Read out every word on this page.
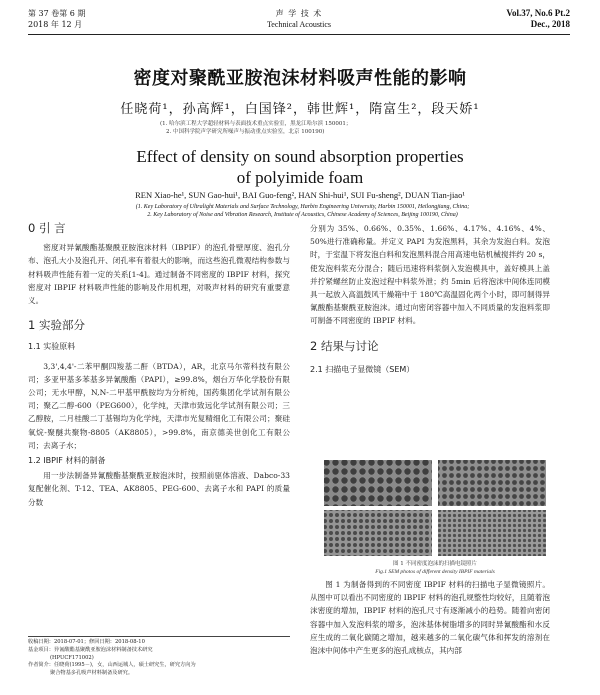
第 37 卷第 6 期
2018 年 12 月
声 学 技 术
Technical Acoustics
Vol.37, No.6 Pt.2
Dec., 2018
密度对聚酰亚胺泡沫材料吸声性能的影响
任晓荷¹，孙高辉¹，白国锋²，韩世辉¹，隋富生²，段天娇¹
(1. 哈尔滨工程大学超轻材料与表面技术重点实验室，黑龙江哈尔滨 150001；
2. 中国科学院声学研究所噪声与振动重点实验室，北京 100190)
Effect of density on sound absorption properties
of polyimide foam
REN Xiao-he¹, SUN Gao-hui¹, BAI Guo-feng², HAN Shi-hui¹, SUI Fu-sheng², DUAN Tian-jiao¹
(1. Key Laboratory of Ultralight Materials and Surface Technology, Harbin Engineering University, Harbin 150001, Heilongjiang, China;
2. Key Laboratory of Noise and Vibration Research, Institute of Acoustics, Chinese Academy of Sciences, Beijing 100190, China)
0 引 言

密度对异氰酸酯基聚酰亚胺泡沫材料（IBPIF）的泡孔骨壁厚度、泡孔分布、泡孔大小及泡孔开、闭孔率有着很大的影响，而这些泡孔微观结构参数与材料吸声性能有着一定的关系[1-4]。通过制备不同密度的 IBPIF 材料，探究密度对 IBPIF 材料吸声性能的影响及作用机理，对吸声材料的研究有重要意义。

1 实验部分
1.1 实验原料

3,3',4,4'-二苯甲酮四羧基二酐（BTDA），AR，北京马尔蒂科技有限公司；多亚甲基多苯基多异氰酸酯（PAPI），≥99.8%，烟台万华化学股份有限公司；无水甲醇，N,N-二甲基甲酰胺均为分析纯，国药集团化学试剂有限公司；聚乙二醇-600（PEG600），化学纯，天津市致远化学试剂有限公司；三乙醇胺，二月桂酸二丁基锡均为化学纯，天津市光复精细化工有限公司；聚硅氧烷-聚醚共聚物-8805（AK8805），>99.8%，南京德美世创化工有限公司；去离子水；

1.2 IBPIF 材料的制备

用一步法制备异氰酸酯基聚酰亚胺泡沫时，按照前驱体溶液、Dabco-33 复配催化剂、T-12、TEA、AK8805、PEG-600、去离子水和 PAPI 的质量分数

分别为 35%、0.66%、0.35%、1.66%、4.17%、4.16%、4%、50%进行准确称量。并定义 PAPI 为发泡黑料，其余为发泡白料。发泡时，于室温下将发泡白料和发泡黑料混合用高速电钻机械搅拌约 20 s，使发泡料浆充分混合；随后迅速将料浆倒入发泡模具中，盖好模具上盖并拧紧螺丝防止发泡过程中料浆外泄；约 5min 后将泡沫中间体连同模具一起放入高温鼓风干燥箱中于 180℃高温固化两个小时，即可制得异氰酸酯基聚酰亚胺泡沫。通过向密闭容器中加入不同质量的发泡料浆即可制备不同密度的 IBPIF 材料。

2 结果与讨论
2.1 扫描电子显微镜（SEM）
图 1 不同密度泡沫的扫描电镜照片
Fig.1 SEM photos of different density IBPIF materials

图 1 为制备得到的不同密度 IBPIF 材料的扫描电子显微镜照片。从图中可以看出不同密度的 IBPIF 材料的泡孔规整性均较好，且随着泡沫密度的增加，IBPIF 材料的泡孔尺寸有逐渐减小的趋势。随着向密闭容器中加入发泡料浆的增多，泡沫基体树脂增多的同时异氰酸酯和水反应生成的二氧化碳随之增加，越来越多的二氧化碳气体和挥发的溶剂在泡沫中间体中产生更多的泡孔成核点，其内部

收稿日期：2018-07-01；修回日期：2018-08-10
基金项目：异氰酸酯基聚酰亚胺泡沫材料制备技术研究
(HPUCF171002)
作者简介：任晓荷(1995－)，女，山西运城人，硕士研究生，研究方向为
聚合物基多孔吸声材料制备及研究。
